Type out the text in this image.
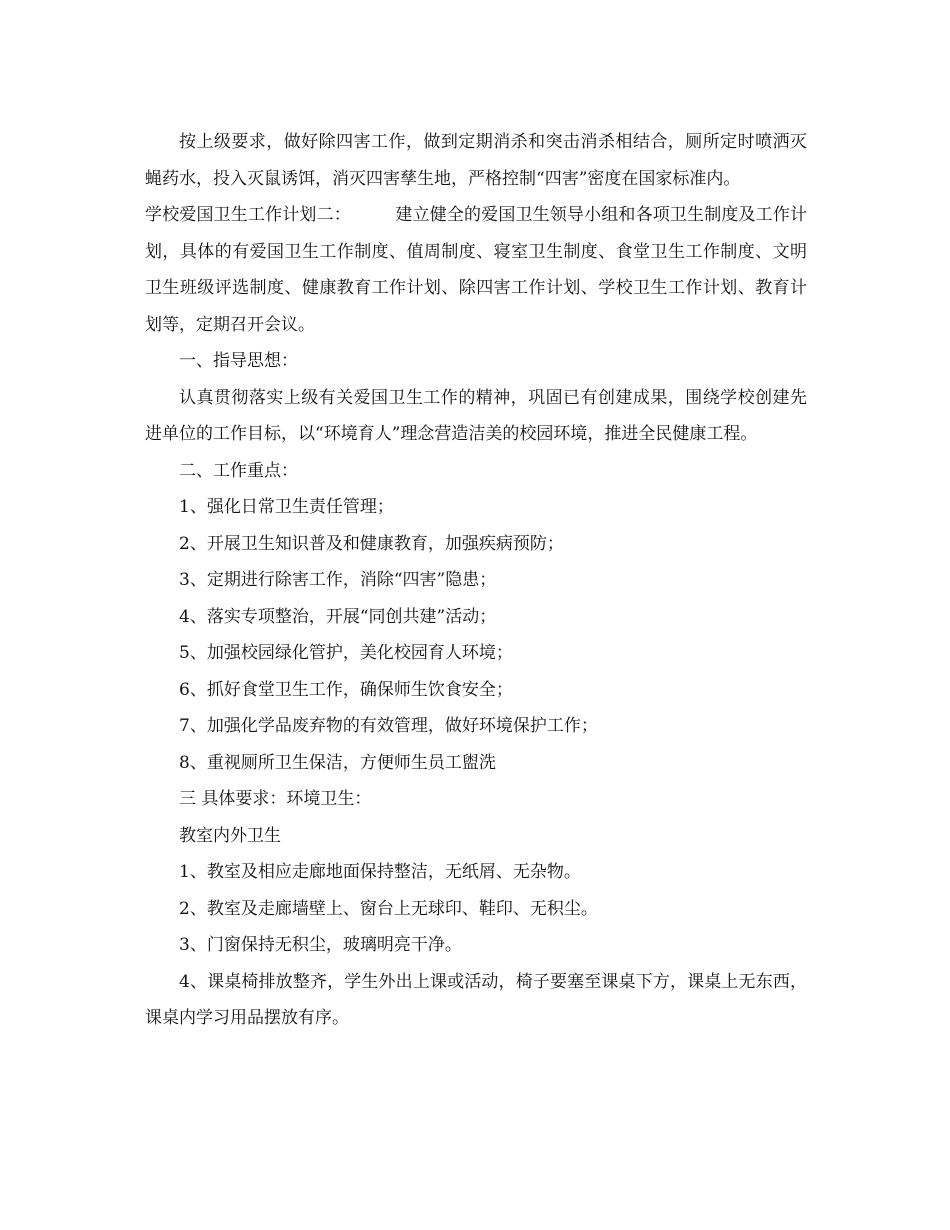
按上级要求，做好除四害工作，做到定期消杀和突击消杀相结合，厕所定时喷洒灭蝇药水，投入灭鼠诱饵，消灭四害孳生地，严格控制“四害”密度在国家标准内。

学校爱国卫生工作计划二：        建立健全的爱国卫生领导小组和各项卫生制度及工作计划，具体的有爱国卫生工作制度、值周制度、寝室卫生制度、食堂卫生工作制度、文明卫生班级评选制度、健康教育工作计划、除四害工作计划、学校卫生工作计划、教育计划等，定期召开会议。

一、指导思想：

认真贯彻落实上级有关爱国卫生工作的精神，巩固已有创建成果，围绕学校创建先进单位的工作目标，以“环境育人”理念营造洁美的校园环境，推进全民健康工程。

二、工作重点：

1、强化日常卫生责任管理；

2、开展卫生知识普及和健康教育，加强疾病预防；

3、定期进行除害工作，消除“四害”隐患；

4、落实专项整治，开展“同创共建”活动；

5、加强校园绿化管护，美化校园育人环境；

6、抓好食堂卫生工作，确保师生饮食安全；

7、加强化学品废弃物的有效管理，做好环境保护工作；

8、重视厕所卫生保洁，方便师生员工盥洗

三 具体要求：环境卫生：

教室内外卫生

1、教室及相应走廊地面保持整洁，无纸屑、无杂物。

2、教室及走廊墙壁上、窗台上无球印、鞋印、无积尘。

3、门窗保持无积尘，玻璃明亮干净。

4、课桌椅排放整齐，学生外出上课或活动，椅子要塞至课桌下方，课桌上无东西，课桌内学习用品摆放有序。
